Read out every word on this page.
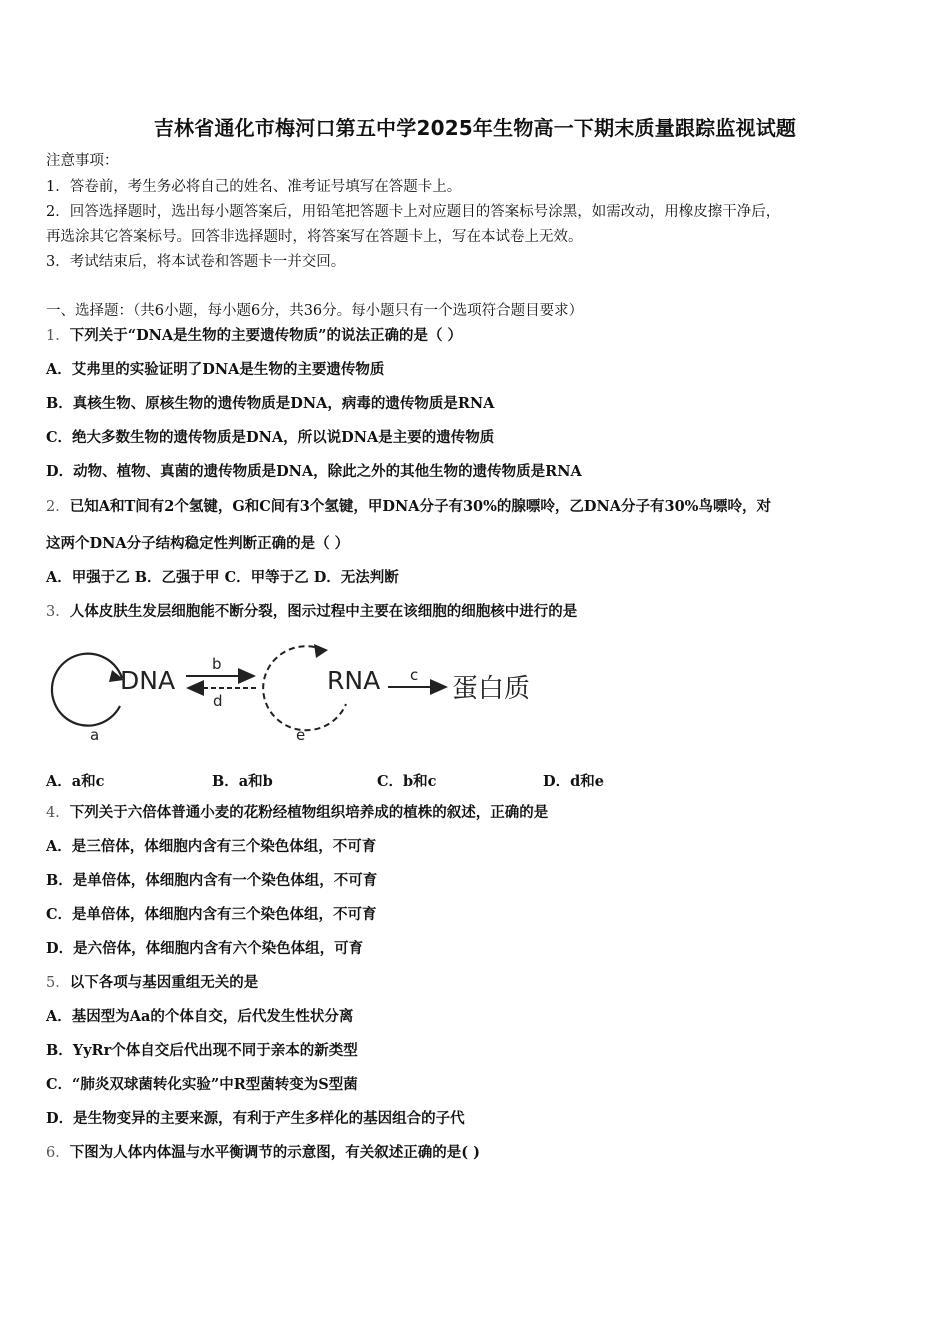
吉林省通化市梅河口第五中学2025年生物高一下期末质量跟踪监视试题
注意事项：
1．答卷前，考生务必将自己的姓名、准考证号填写在答题卡上。
2．回答选择题时，选出每小题答案后，用铅笔把答题卡上对应题目的答案标号涂黑，如需改动，用橡皮擦干净后，
再选涂其它答案标号。回答非选择题时，将答案写在答题卡上，写在本试卷上无效。
3．考试结束后，将本试卷和答题卡一并交回。
一、选择题：（共6小题，每小题6分，共36分。每小题只有一个选项符合题目要求）
1．下列关于“DNA是生物的主要遗传物质”的说法正确的是（ ）
A．艾弗里的实验证明了DNA是生物的主要遗传物质
B．真核生物、原核生物的遗传物质是DNA，病毒的遗传物质是RNA
C．绝大多数生物的遗传物质是DNA，所以说DNA是主要的遗传物质
D．动物、植物、真菌的遗传物质是DNA，除此之外的其他生物的遗传物质是RNA
2．已知A和T间有2个氢键，G和C间有3个氢键，甲DNA分子有30%的腺嘌呤，乙DNA分子有30%鸟嘌呤，对
这两个DNA分子结构稳定性判断正确的是（ ）
A．甲强于乙 B．乙强于甲 C．甲等于乙 D．无法判断
3．人体皮肤生发层细胞能不断分裂，图示过程中主要在该细胞的细胞核中进行的是
DNA
b
d
RNA c 蛋白质
a	e
A．a和c	B．a和b	C．b和c	D．d和e
4．下列关于六倍体普通小麦的花粉经植物组织培养成的植株的叙述，正确的是
A．是三倍体，体细胞内含有三个染色体组，不可育
B．是单倍体，体细胞内含有一个染色体组，不可育
C．是单倍体，体细胞内含有三个染色体组，不可育
D．是六倍体，体细胞内含有六个染色体组，可育
5．以下各项与基因重组无关的是
A．基因型为Aa的个体自交，后代发生性状分离
B．YyRr个体自交后代出现不同于亲本的新类型
C．“肺炎双球菌转化实验”中R型菌转变为S型菌
D．是生物变异的主要来源，有利于产生多样化的基因组合的子代
6．下图为人体内体温与水平衡调节的示意图，有关叙述正确的是( )
